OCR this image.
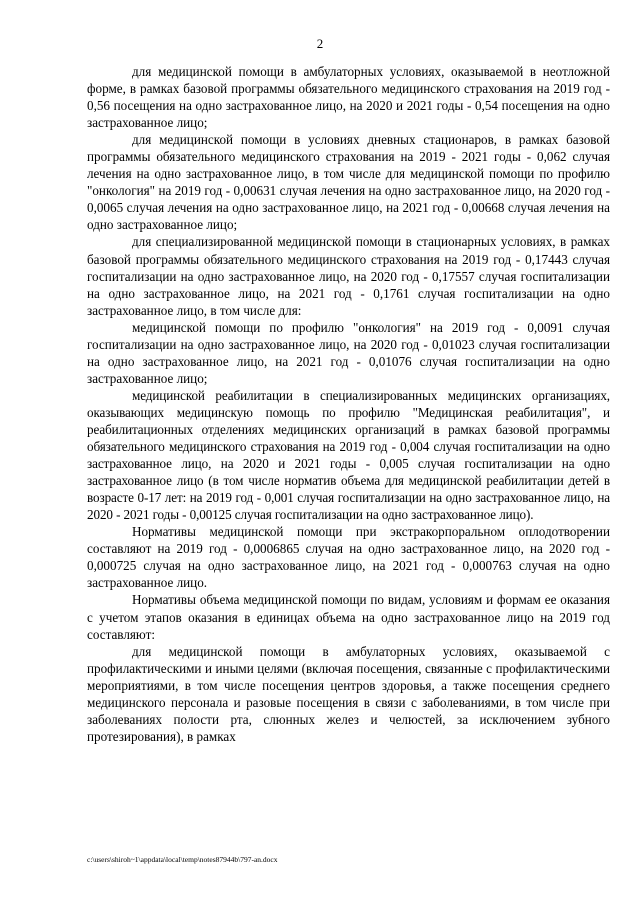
2

для медицинской помощи в амбулаторных условиях, оказываемой в неотложной форме, в рамках базовой программы обязательного медицинского страхования на 2019 год - 0,56 посещения на одно застрахованное лицо, на 2020 и 2021 годы - 0,54 посещения на одно застрахованное лицо;

для медицинской помощи в условиях дневных стационаров, в рамках базовой программы обязательного медицинского страхования на 2019 - 2021 годы - 0,062 случая лечения на одно застрахованное лицо, в том числе для медицинской помощи по профилю "онкология" на 2019 год - 0,00631 случая лечения на одно застрахованное лицо, на 2020 год - 0,0065 случая лечения на одно застрахованное лицо, на 2021 год - 0,00668 случая лечения на одно застрахованное лицо;

для специализированной медицинской помощи в стационарных условиях, в рамках базовой программы обязательного медицинского страхования на 2019 год - 0,17443 случая госпитализации на одно застрахованное лицо, на 2020 год - 0,17557 случая госпитализации на одно застрахованное лицо, на 2021 год - 0,1761 случая госпитализации на одно застрахованное лицо, в том числе для:

медицинской помощи по профилю "онкология" на 2019 год - 0,0091 случая госпитализации на одно застрахованное лицо, на 2020 год - 0,01023 случая госпитализации на одно застрахованное лицо, на 2021 год - 0,01076 случая госпитализации на одно застрахованное лицо;

медицинской реабилитации в специализированных медицинских организациях, оказывающих медицинскую помощь по профилю "Медицинская реабилитация", и реабилитационных отделениях медицинских организаций в рамках базовой программы обязательного медицинского страхования на 2019 год - 0,004 случая госпитализации на одно застрахованное лицо, на 2020 и 2021 годы - 0,005 случая госпитализации на одно застрахованное лицо (в том числе норматив объема для медицинской реабилитации детей в возрасте 0-17 лет: на 2019 год - 0,001 случая госпитализации на одно застрахованное лицо, на 2020 - 2021 годы - 0,00125 случая госпитализации на одно застрахованное лицо).

Нормативы медицинской помощи при экстракорпоральном оплодотворении составляют на 2019 год - 0,0006865 случая на одно застрахованное лицо, на 2020 год - 0,000725 случая на одно застрахованное лицо, на 2021 год - 0,000763 случая на одно застрахованное лицо.

Нормативы объема медицинской помощи по видам, условиям и формам ее оказания с учетом этапов оказания в единицах объема на одно застрахованное лицо на 2019 год составляют:

для медицинской помощи в амбулаторных условиях, оказываемой с профилактическими и иными целями (включая посещения, связанные с профилактическими мероприятиями, в том числе посещения центров здоровья, а также посещения среднего медицинского персонала и разовые посещения в связи с заболеваниями, в том числе при заболеваниях полости рта, слюнных желез и челюстей, за исключением зубного протезирования), в рамках

c:\users\shiroh~1\appdata\local\temp\notes87944b\797-an.docx
